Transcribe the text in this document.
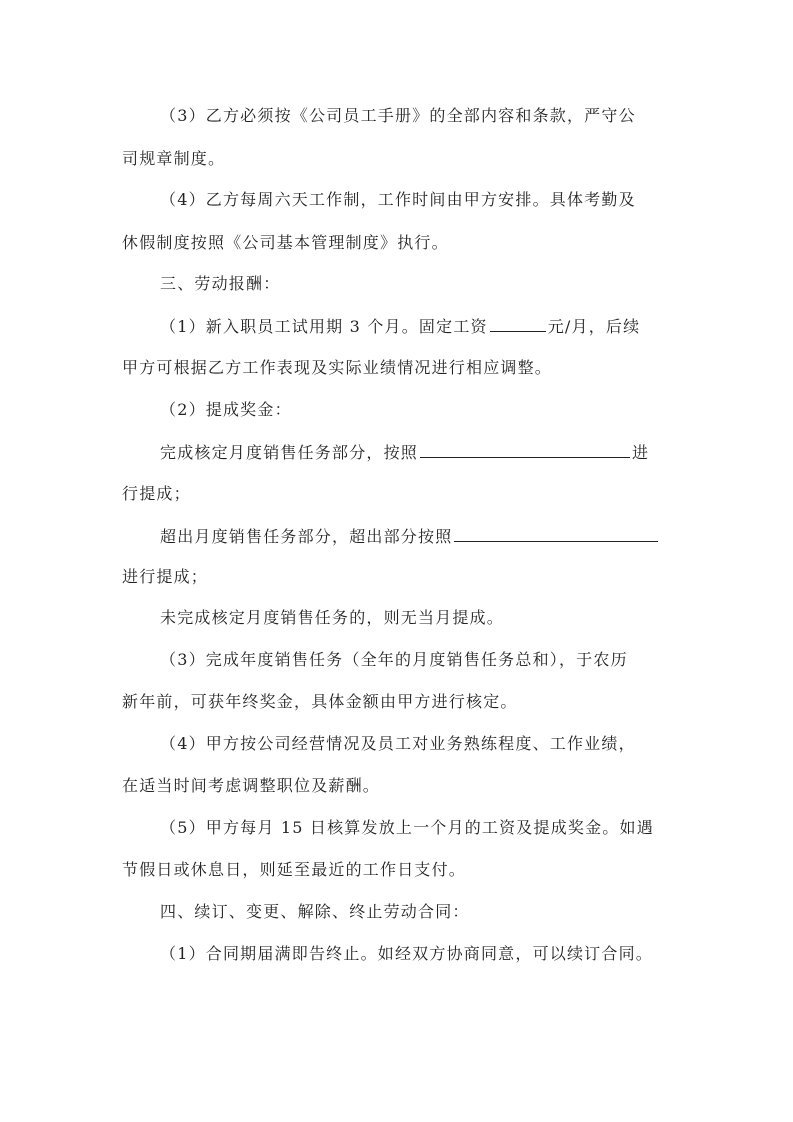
（3）乙方必须按《公司员工手册》的全部内容和条款，严守公
司规章制度。
（4）乙方每周六天工作制，工作时间由甲方安排。具体考勤及
休假制度按照《公司基本管理制度》执行。
三、劳动报酬：
（1）新入职员工试用期 3 个月。固定工资	元/月，后续
甲方可根据乙方工作表现及实际业绩情况进行相应调整。
（2）提成奖金：
完成核定月度销售任务部分，按照	进
行提成；
超出月度销售任务部分，超出部分按照
进行提成；
未完成核定月度销售任务的，则无当月提成。
（3）完成年度销售任务（全年的月度销售任务总和），于农历
新年前，可获年终奖金，具体金额由甲方进行核定。
（4）甲方按公司经营情况及员工对业务熟练程度、工作业绩，
在适当时间考虑调整职位及薪酬。
（5）甲方每月 15 日核算发放上一个月的工资及提成奖金。如遇
节假日或休息日，则延至最近的工作日支付。
四、续订、变更、解除、终止劳动合同：
（1）合同期届满即告终止。如经双方协商同意，可以续订合同。
